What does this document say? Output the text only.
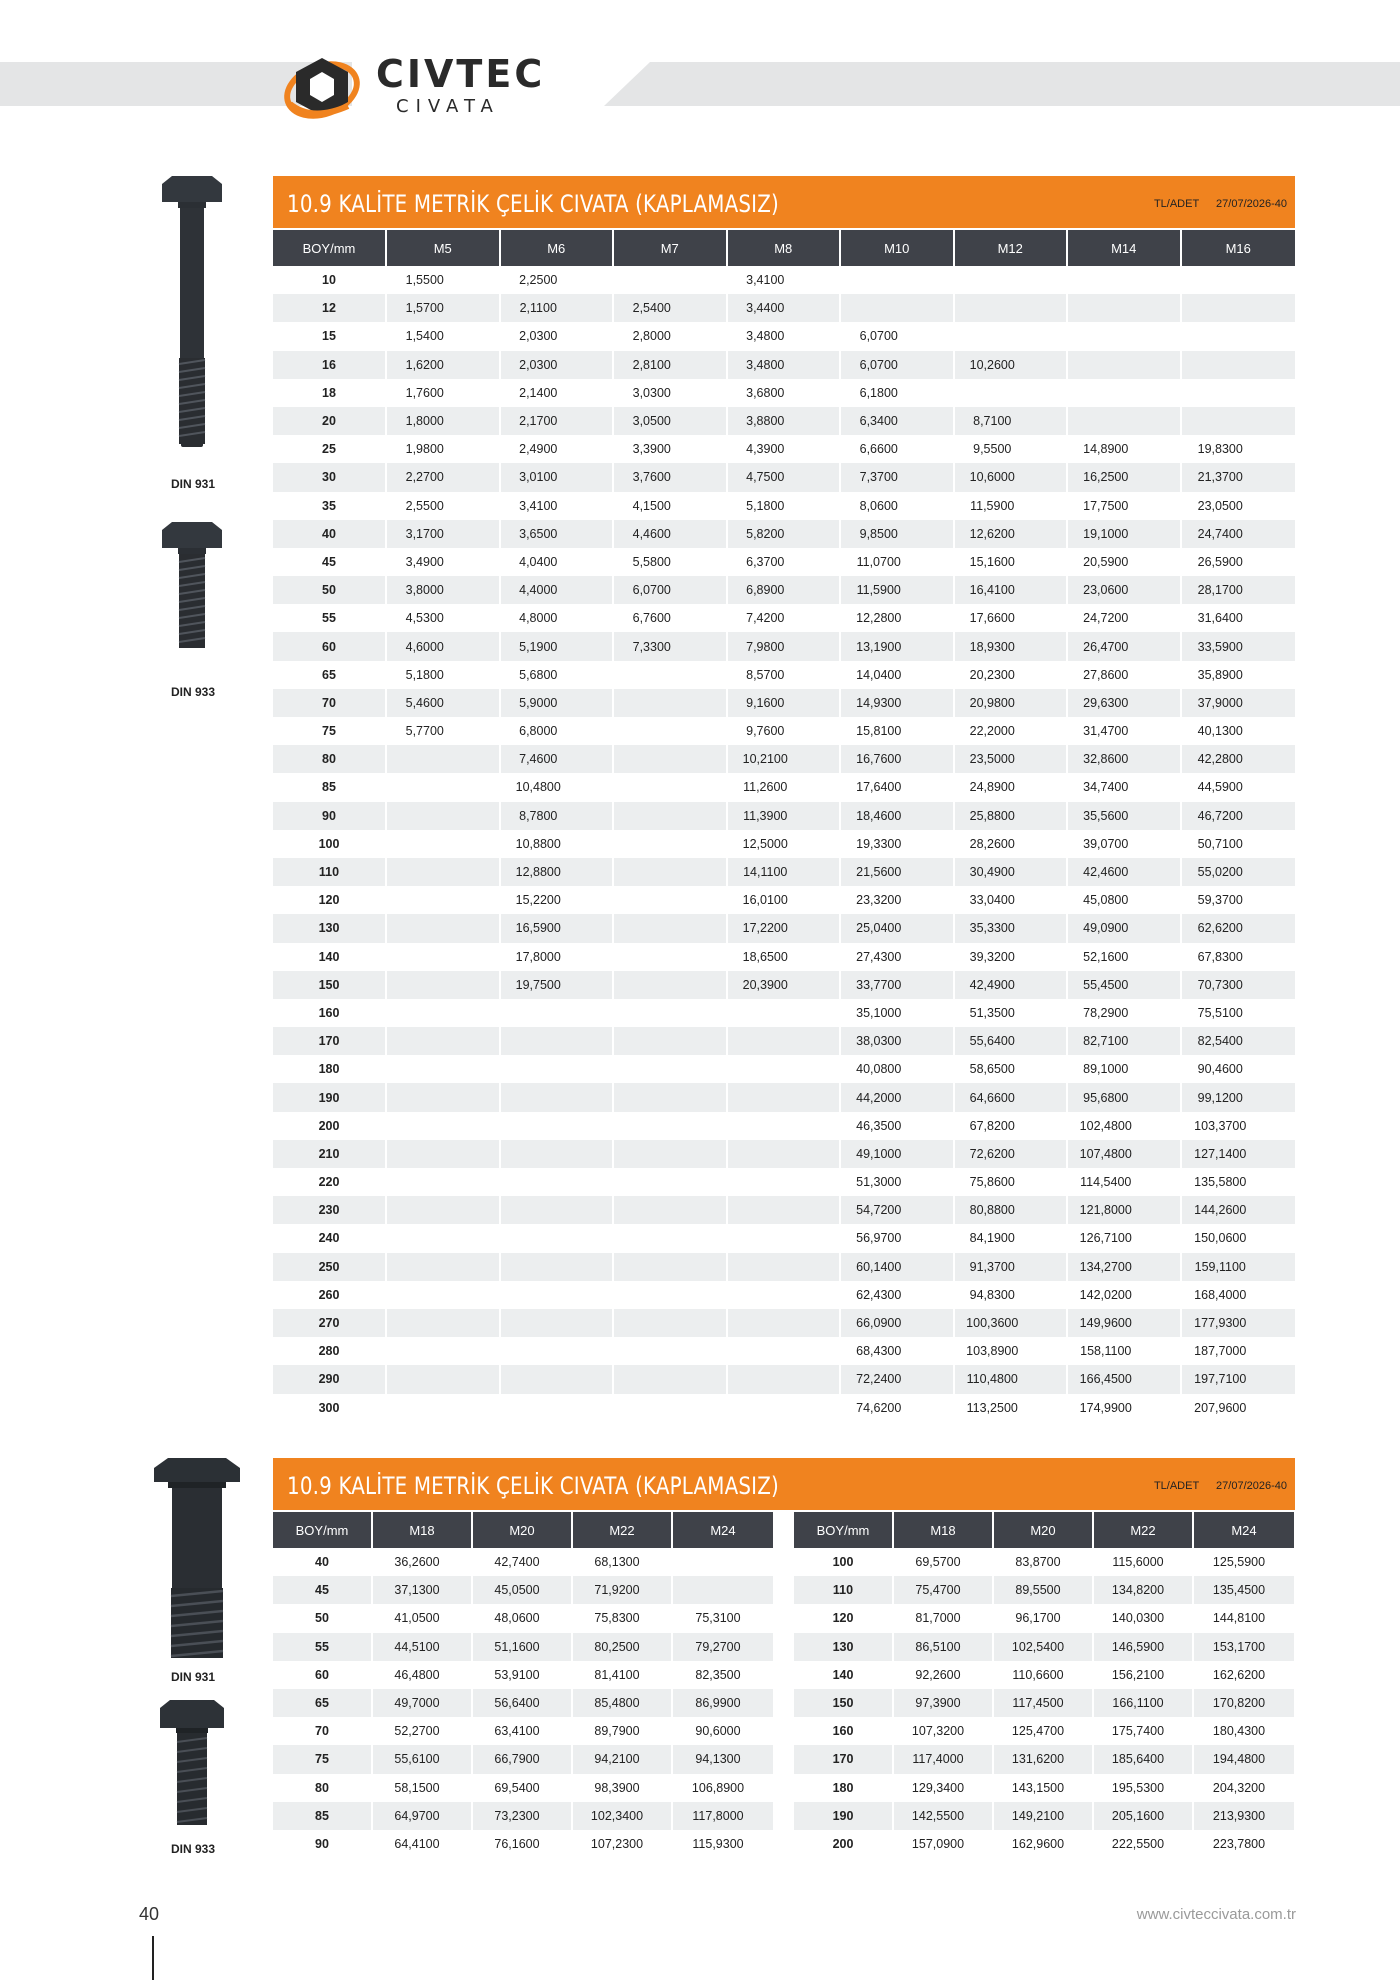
CIVTEC
CIVATA
DIN 931
DIN 933
10.9 KALİTE METRİK ÇELİK CIVATA (KAPLAMASIZ)	TL/ADET 27/07/2026-40
BOY/mm	M5	M6	M7	M8	M10	M12	M14	M16
10	1,5500	2,2500		3,4100				
12	1,5700	2,1100	2,5400	3,4400				
15	1,5400	2,0300	2,8000	3,4800	6,0700			
16	1,6200	2,0300	2,8100	3,4800	6,0700	10,2600		
18	1,7600	2,1400	3,0300	3,6800	6,1800			
20	1,8000	2,1700	3,0500	3,8800	6,3400	8,7100		
25	1,9800	2,4900	3,3900	4,3900	6,6600	9,5500	14,8900	19,8300
30	2,2700	3,0100	3,7600	4,7500	7,3700	10,6000	16,2500	21,3700
35	2,5500	3,4100	4,1500	5,1800	8,0600	11,5900	17,7500	23,0500
40	3,1700	3,6500	4,4600	5,8200	9,8500	12,6200	19,1000	24,7400
45	3,4900	4,0400	5,5800	6,3700	11,0700	15,1600	20,5900	26,5900
50	3,8000	4,4000	6,0700	6,8900	11,5900	16,4100	23,0600	28,1700
55	4,5300	4,8000	6,7600	7,4200	12,2800	17,6600	24,7200	31,6400
60	4,6000	5,1900	7,3300	7,9800	13,1900	18,9300	26,4700	33,5900
65	5,1800	5,6800		8,5700	14,0400	20,2300	27,8600	35,8900
70	5,4600	5,9000		9,1600	14,9300	20,9800	29,6300	37,9000
75	5,7700	6,8000		9,7600	15,8100	22,2000	31,4700	40,1300
80		7,4600		10,2100	16,7600	23,5000	32,8600	42,2800
85		10,4800		11,2600	17,6400	24,8900	34,7400	44,5900
90		8,7800		11,3900	18,4600	25,8800	35,5600	46,7200
100		10,8800		12,5000	19,3300	28,2600	39,0700	50,7100
110		12,8800		14,1100	21,5600	30,4900	42,4600	55,0200
120		15,2200		16,0100	23,3200	33,0400	45,0800	59,3700
130		16,5900		17,2200	25,0400	35,3300	49,0900	62,6200
140		17,8000		18,6500	27,4300	39,3200	52,1600	67,8300
150		19,7500		20,3900	33,7700	42,4900	55,4500	70,7300
160					35,1000	51,3500	78,2900	75,5100
170					38,0300	55,6400	82,7100	82,5400
180					40,0800	58,6500	89,1000	90,4600
190					44,2000	64,6600	95,6800	99,1200
200					46,3500	67,8200	102,4800	103,3700
210					49,1000	72,6200	107,4800	127,1400
220					51,3000	75,8600	114,5400	135,5800
230					54,7200	80,8800	121,8000	144,2600
240					56,9700	84,1900	126,7100	150,0600
250					60,1400	91,3700	134,2700	159,1100
260					62,4300	94,8300	142,0200	168,4000
270					66,0900	100,3600	149,9600	177,9300
280					68,4300	103,8900	158,1100	187,7000
290					72,2400	110,4800	166,4500	197,7100
300					74,6200	113,2500	174,9900	207,9600
DIN 931
DIN 933
10.9 KALİTE METRİK ÇELİK CIVATA (KAPLAMASIZ)	TL/ADET 27/07/2026-40
BOY/mm	M18	M20	M22	M24
40	36,2600	42,7400	68,1300	
45	37,1300	45,0500	71,9200	
50	41,0500	48,0600	75,8300	75,3100
55	44,5100	51,1600	80,2500	79,2700
60	46,4800	53,9100	81,4100	82,3500
65	49,7000	56,6400	85,4800	86,9900
70	52,2700	63,4100	89,7900	90,6000
75	55,6100	66,7900	94,2100	94,1300
80	58,1500	69,5400	98,3900	106,8900
85	64,9700	73,2300	102,3400	117,8000
90	64,4100	76,1600	107,2300	115,9300
BOY/mm	M18	M20	M22	M24
100	69,5700	83,8700	115,6000	125,5900
110	75,4700	89,5500	134,8200	135,4500
120	81,7000	96,1700	140,0300	144,8100
130	86,5100	102,5400	146,5900	153,1700
140	92,2600	110,6600	156,2100	162,6200
150	97,3900	117,4500	166,1100	170,8200
160	107,3200	125,4700	175,7400	180,4300
170	117,4000	131,6200	185,6400	194,4800
180	129,3400	143,1500	195,5300	204,3200
190	142,5500	149,2100	205,1600	213,9300
200	157,0900	162,9600	222,5500	223,7800
40	www.civteccivata.com.tr
